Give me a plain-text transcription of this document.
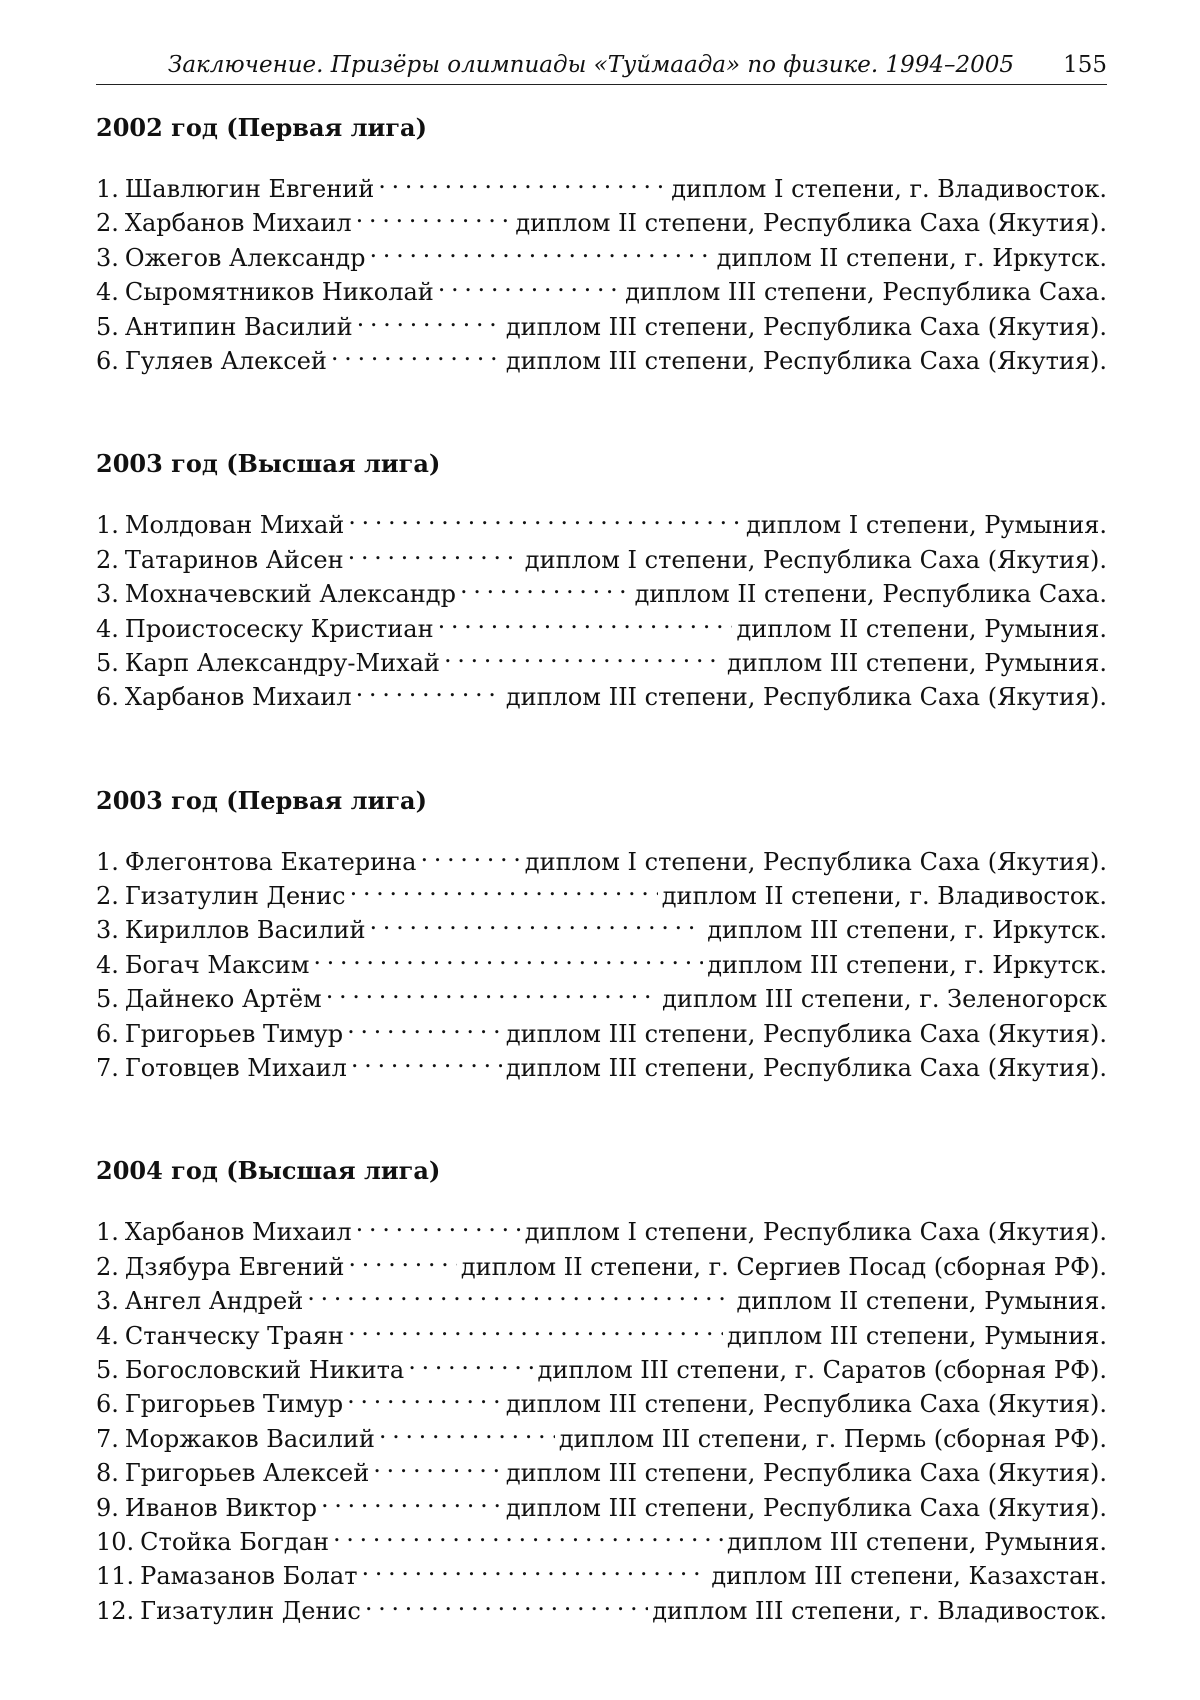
Заключение. Призёры олимпиады «Туймаада» по физике. 1994–2005 155
2002 год (Первая лига)
1. Шавлюгин Евгений . . .	диплом I степени, г. Владивосток.
2. Харбанов Михаил . . .	диплом II степени, Республика Саха (Якутия).
3. Ожегов Александр . . .	диплом II степени, г. Иркутск.
4. Сыромятников Николай . . .	диплом III степени, Республика Саха.
5. Антипин Василий . . .	диплом III степени, Республика Саха (Якутия).
6. Гуляев Алексей . . .	диплом III степени, Республика Саха (Якутия).
2003 год (Высшая лига)
1. Молдован Михай . . .	диплом I степени, Румыния.
2. Татаринов Айсен . . .	диплом I степени, Республика Саха (Якутия).
3. Мохначевский Александр . . .	диплом II степени, Республика Саха.
4. Проистосеску Кристиан . . .	диплом II степени, Румыния.
5. Карп Александру-Михай . . .	диплом III степени, Румыния.
6. Харбанов Михаил . . .	диплом III степени, Республика Саха (Якутия).
2003 год (Первая лига)
1. Флегонтова Екатерина . . .	диплом I степени, Республика Саха (Якутия).
2. Гизатулин Денис . . .	диплом II степени, г. Владивосток.
3. Кириллов Василий . . .	диплом III степени, г. Иркутск.
4. Богач Максим . . .	диплом III степени, г. Иркутск.
5. Дайнеко Артём . . .	диплом III степени, г. Зеленогорск
6. Григорьев Тимур . . .	диплом III степени, Республика Саха (Якутия).
7. Готовцев Михаил . . .	диплом III степени, Республика Саха (Якутия).
2004 год (Высшая лига)
1. Харбанов Михаил . . .	диплом I степени, Республика Саха (Якутия).
2. Дзябура Евгений . . .	диплом II степени, г. Сергиев Посад (сборная РФ).
3. Ангел Андрей . . .	диплом II степени, Румыния.
4. Станческу Траян . . .	диплом III степени, Румыния.
5. Богословский Никита . . .	диплом III степени, г. Саратов (сборная РФ).
6. Григорьев Тимур . . .	диплом III степени, Республика Саха (Якутия).
7. Моржаков Василий . . .	диплом III степени, г. Пермь (сборная РФ).
8. Григорьев Алексей . . .	диплом III степени, Республика Саха (Якутия).
9. Иванов Виктор . . .	диплом III степени, Республика Саха (Якутия).
10. Стойка Богдан . . .	диплом III степени, Румыния.
11. Рамазанов Болат . . .	диплом III степени, Казахстан.
12. Гизатулин Денис . . .	диплом III степени, г. Владивосток.
